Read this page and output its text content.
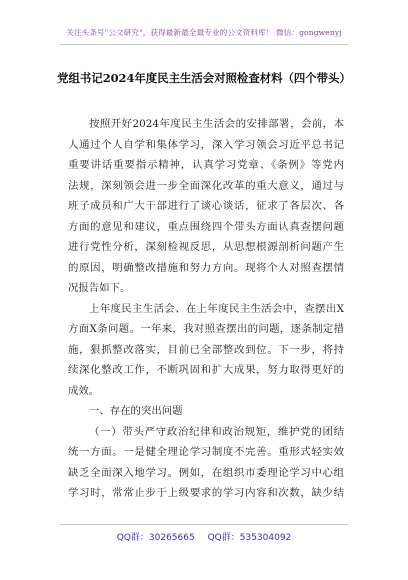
关注头条号"公文研究"，获得最新最全最专业的公文资料库！ 微信：gongwenyj
党组书记2024年度民主生活会对照检查材料（四个带头）
按照开好2024年度民主生活会的安排部署，会前，本
人通过个人自学和集体学习，深入学习领会习近平总书记
重要讲话重要指示精神，认真学习党章、《条例》等党内
法规，深刻领会进一步全面深化改革的重大意义，通过与
班子成员和广大干部进行了谈心谈话，征求了各层次、各
方面的意见和建议，重点围绕四个带头方面认真查摆问题
进行党性分析，深刻检视反思，从思想根源剖析问题产生
的原因，明确整改措施和努力方向。现将个人对照查摆情
况报告如下。
上年度民主生活会、在上年度民主生活会中，查摆出X
方面X条问题。一年来，我对照查摆出的问题，逐条制定措
施，狠抓整改落实，目前已全部整改到位。下一步，将持
续深化整改工作，不断巩固和扩大成果，努力取得更好的
成效。
一、存在的突出问题
（一）带头严守政治纪律和政治规矩，维护党的团结
统一方面。一是健全理论学习制度不完善。重形式轻实效
缺乏全面深入地学习。例如，在组织市委理论学习中心组
学习时，常常止步于上级要求的学习内容和次数，缺少结
QQ群：30265665 QQ群：535304092
